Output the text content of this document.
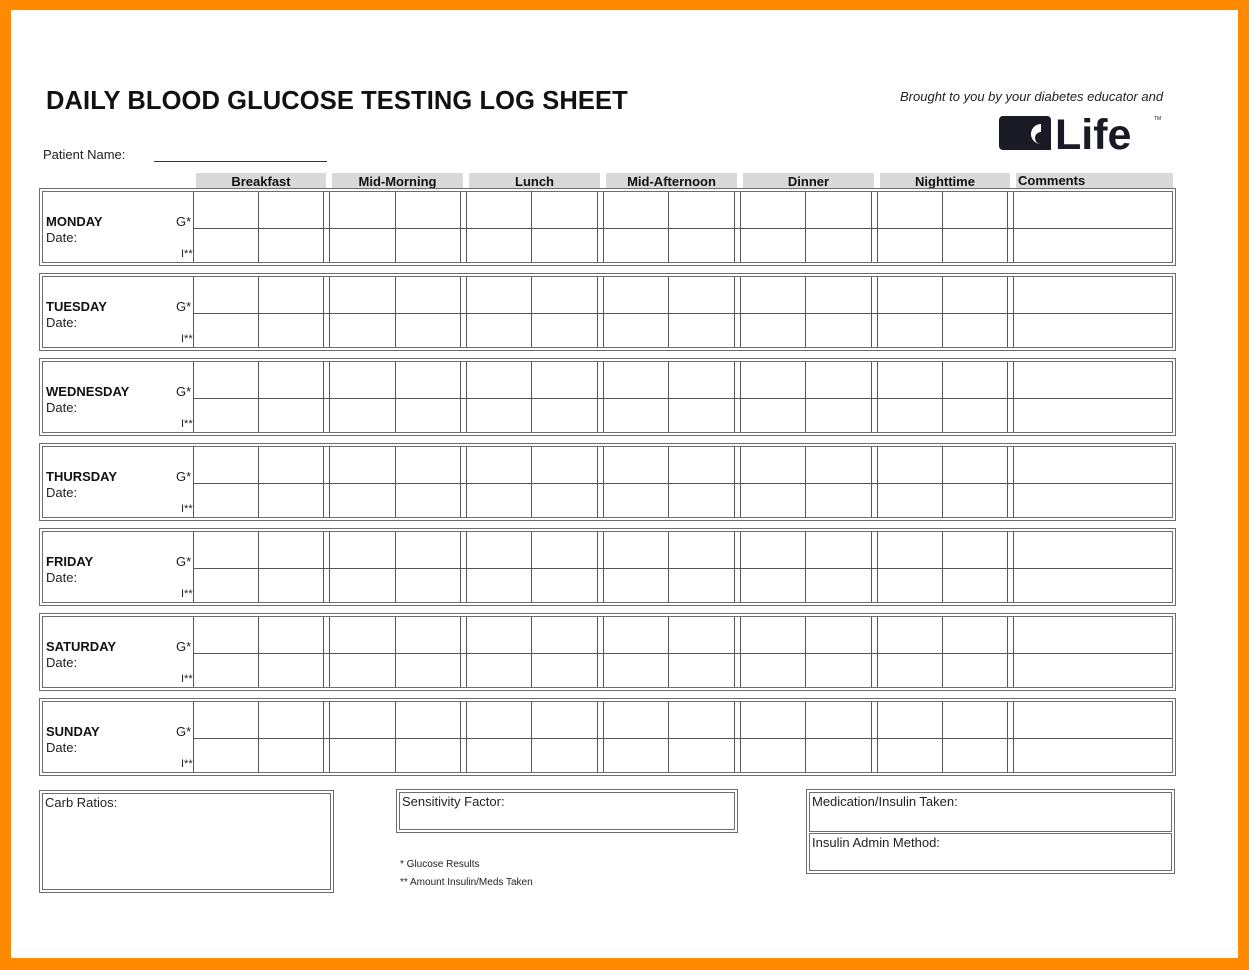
DAILY BLOOD GLUCOSE TESTING LOG SHEET	Brought to you by your diabetes educator and
Life	TM
Patient Name:
Breakfast	Mid-Morning	Lunch	Mid-Afternoon	Dinner	Nighttime	Comments
MONDAY
Date:
G*
I**
TUESDAY
Date:
G*
I**
WEDNESDAY
Date:
G*
I**
THURSDAY
Date:
G*
I**
FRIDAY
Date:
G*
I**
SATURDAY
Date:
G*
I**
SUNDAY
Date:
G*
I**
Carb Ratios:	Sensitivity Factor:
* Glucose Results
** Amount Insulin/Meds Taken
Medication/Insulin Taken:
Insulin Admin Method:
